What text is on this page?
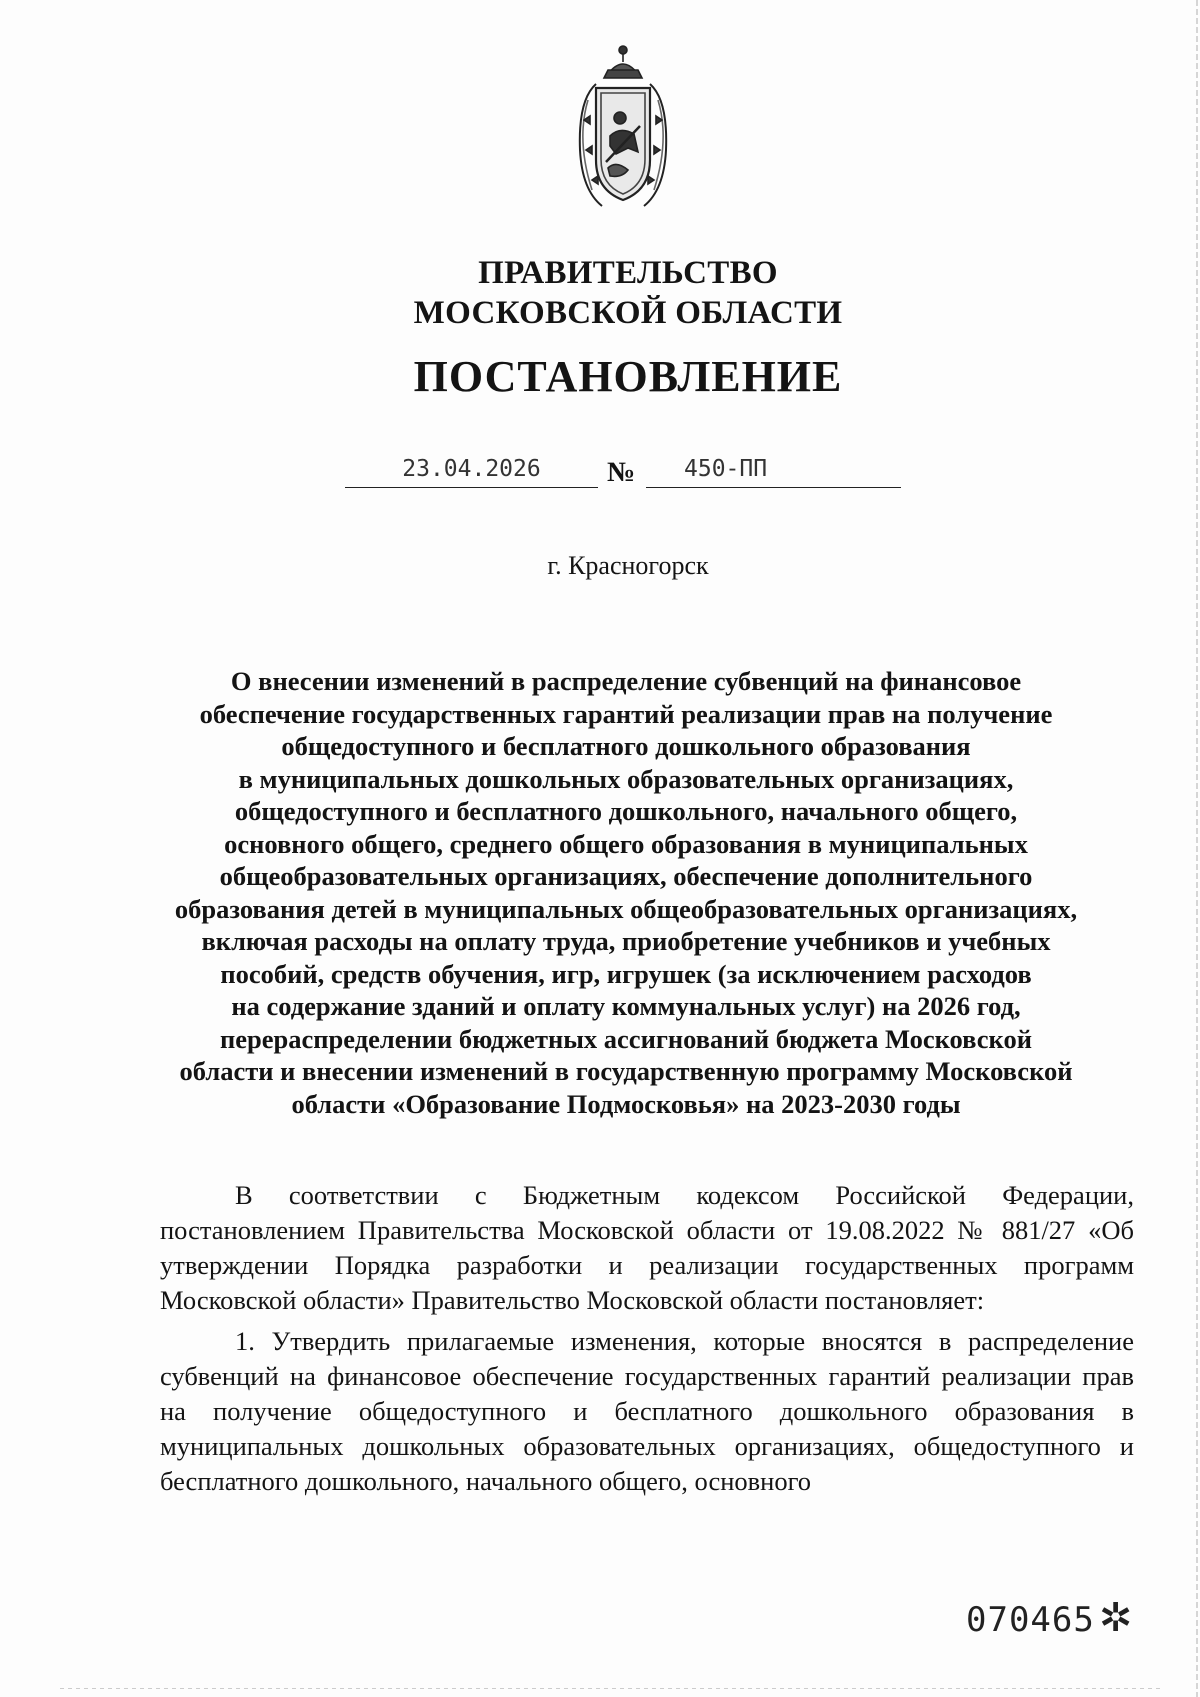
ПРАВИТЕЛЬСТВО
МОСКОВСКОЙ ОБЛАСТИ
ПОСТАНОВЛЕНИЕ
23.04.2026	№	450-ПП
г. Красногорск
О внесении изменений в распределение субвенций на финансовое
обеспечение государственных гарантий реализации прав на получение
общедоступного и бесплатного дошкольного образования
в муниципальных дошкольных образовательных организациях,
общедоступного и бесплатного дошкольного, начального общего,
основного общего, среднего общего образования в муниципальных
общеобразовательных организациях, обеспечение дополнительного
образования детей в муниципальных общеобразовательных организациях,
включая расходы на оплату труда, приобретение учебников и учебных
пособий, средств обучения, игр, игрушек (за исключением расходов
на содержание зданий и оплату коммунальных услуг) на 2026 год,
перераспределении бюджетных ассигнований бюджета Московской
области и внесении изменений в государственную программу Московской
области «Образование Подмосковья» на 2023-2030 годы

В соответствии с Бюджетным кодексом Российской Федерации, постановлением Правительства Московской области от 19.08.2022 № 881/27 «Об утверждении Порядка разработки и реализации государственных программ Московской области» Правительство Московской области постановляет:

1. Утвердить прилагаемые изменения, которые вносятся в распределение субвенций на финансовое обеспечение государственных гарантий реализации прав на получение общедоступного и бесплатного дошкольного образования в муниципальных дошкольных образовательных организациях, общедоступного и бесплатного дошкольного, начального общего, основного

070465 ✲
